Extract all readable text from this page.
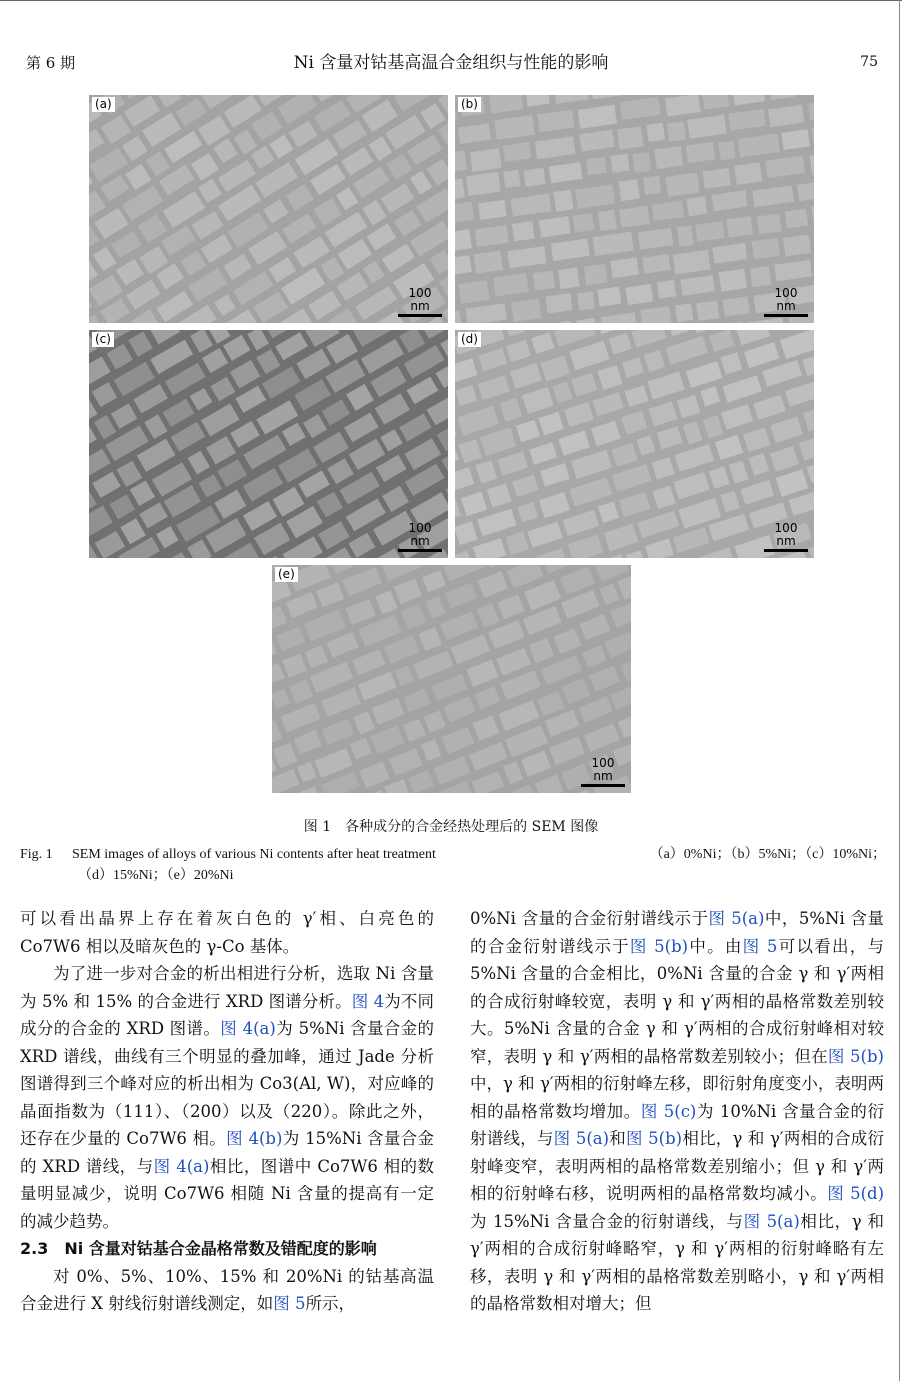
第 6 期	Ni 含量对钴基高温合金组织与性能的影响	75
(a)
100 nm
(b)
100 nm
(c)
100 nm
(d)
100 nm
(e)
100 nm
图 1　各种成分的合金经热处理后的 SEM 图像
Fig. 1 SEM images of alloys of various Ni contents after heat treatment	（a）0%Ni；（b）5%Ni；（c）10%Ni；
（d）15%Ni；（e）20%Ni

可以看出晶界上存在着灰白色的 γ′相、白亮色的 Co7W6 相以及暗灰色的 γ-Co 基体。

为了进一步对合金的析出相进行分析，选取 Ni 含量为 5% 和 15% 的合金进行 XRD 图谱分析。图 4为不同成分的合金的 XRD 图谱。图 4(a)为 5%Ni 含量合金的 XRD 谱线，曲线有三个明显的叠加峰，通过 Jade 分析图谱得到三个峰对应的析出相为 Co3(Al, W)，对应峰的晶面指数为（111）、（200）以及（220）。除此之外，还存在少量的 Co7W6 相。图 4(b)为 15%Ni 含量合金的 XRD 谱线，与图 4(a)相比，图谱中 Co7W6 相的数量明显减少，说明 Co7W6 相随 Ni 含量的提高有一定的减少趋势。

2.3　Ni 含量对钴基合金晶格常数及错配度的影响

对 0%、5%、10%、15% 和 20%Ni 的钴基高温合金进行 X 射线衍射谱线测定，如图 5所示，

0%Ni 含量的合金衍射谱线示于图 5(a)中，5%Ni 含量的合金衍射谱线示于图 5(b)中。由图 5可以看出，与 5%Ni 含量的合金相比，0%Ni 含量的合金 γ 和 γ′两相的合成衍射峰较宽，表明 γ 和 γ′两相的晶格常数差别较大。5%Ni 含量的合金 γ 和 γ′两相的合成衍射峰相对较窄，表明 γ 和 γ′两相的晶格常数差别较小；但在图 5(b)中，γ 和 γ′两相的衍射峰左移，即衍射角度变小，表明两相的晶格常数均增加。图 5(c)为 10%Ni 含量合金的衍射谱线，与图 5(a)和图 5(b)相比，γ 和 γ′两相的合成衍射峰变窄，表明两相的晶格常数差别缩小；但 γ 和 γ′两相的衍射峰右移，说明两相的晶格常数均减小。图 5(d)为 15%Ni 含量合金的衍射谱线，与图 5(a)相比，γ 和 γ′两相的合成衍射峰略窄，γ 和 γ′两相的衍射峰略有左移，表明 γ 和 γ′两相的晶格常数差别略小，γ 和 γ′两相的晶格常数相对增大；但
